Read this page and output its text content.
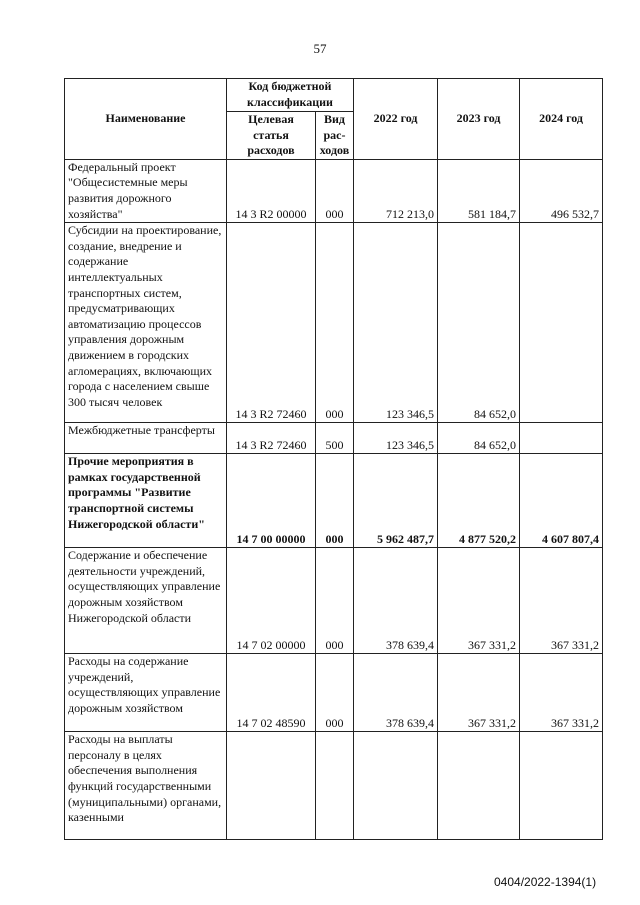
57
Наименование	Код бюджетной классификации		2022 год	2023 год	2024 год
	Целевая статья расходов	Вид рас-ходов			
Федеральный проект "Общесистемные меры развития дорожного хозяйства"	14 3 R2 00000	000	712 213,0	581 184,7	496 532,7
Субсидии на проектирование, создание, внедрение и содержание интеллектуальных транспортных систем, предусматривающих автоматизацию процессов управления дорожным движением в городских агломерациях, включающих города с населением свыше 300 тысяч человек	14 3 R2 72460	000	123 346,5	84 652,0	
Межбюджетные трансферты	14 3 R2 72460	500	123 346,5	84 652,0	
Прочие мероприятия в рамках государственной программы "Развитие транспортной системы Нижегородской области"	14 7 00 00000	000	5 962 487,7	4 877 520,2	4 607 807,4
Содержание и обеспечение деятельности учреждений, осуществляющих управление дорожным хозяйством Нижегородской области	14 7 02 00000	000	378 639,4	367 331,2	367 331,2
Расходы на содержание учреждений, осуществляющих управление дорожным хозяйством	14 7 02 48590	000	378 639,4	367 331,2	367 331,2
Расходы на выплаты персоналу в целях обеспечения выполнения функций государственными (муниципальными) органами, казенными					
0404/2022-1394(1)
